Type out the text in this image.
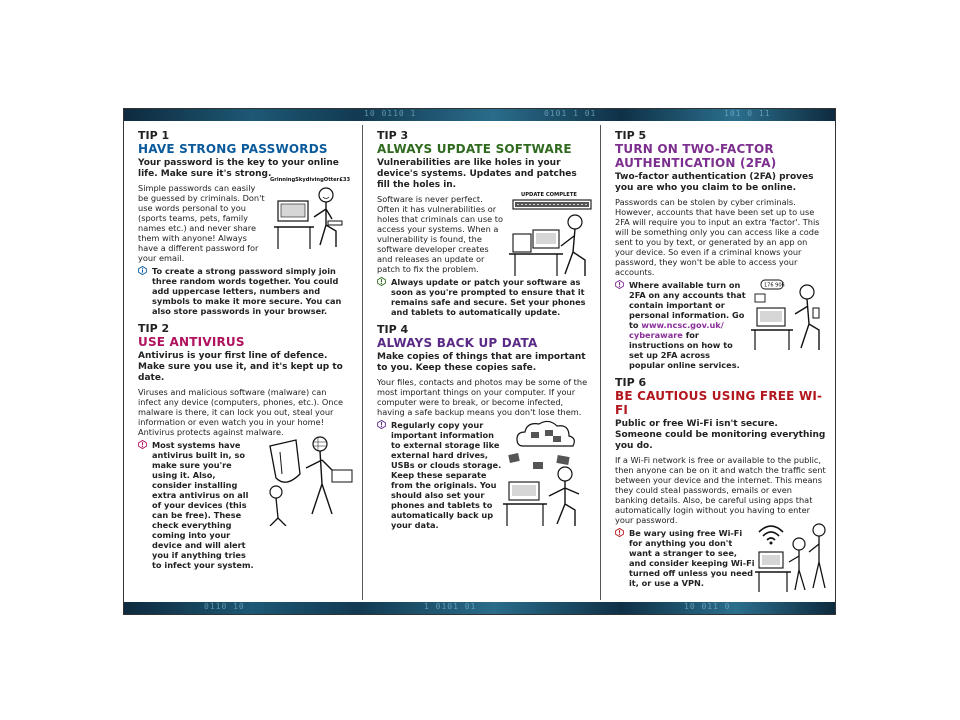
10 0110 1	0101 1 01	101 0 11
TIP 1
HAVE STRONG PASSWORDS
Your password is the key to your online life. Make sure it's strong.
Simple passwords can easily be guessed by criminals. Don't use words personal to you (sports teams, pets, family names etc.) and never share them with anyone! Always have a different password for your email.
GrinningSkydivingOtter£33
To create a strong password simply join three random words together. You could add uppercase letters, numbers and symbols to make it more secure. You can also store passwords in your browser.
TIP 2
USE ANTIVIRUS
Antivirus is your first line of defence. Make sure you use it, and it's kept up to date.
Viruses and malicious software (malware) can infect any device (computers, phones, etc.). Once malware is there, it can lock you out, steal your information or even watch you in your home! Antivirus protects against malware.
Most systems have antivirus built in, so make sure you're using it. Also, consider installing extra antivirus on all of your devices (this can be free). These check everything coming into your device and will alert you if anything tries to infect your system.
TIP 3
ALWAYS UPDATE SOFTWARE
Vulnerabilities are like holes in your device's systems. Updates and patches fill the holes in.
Software is never perfect. Often it has vulnerabilities or holes that criminals can use to access your systems. When a vulnerability is found, the software developer creates and releases an update or patch to fix the problem.
UPDATE COMPLETE
Always update or patch your software as soon as you're prompted to ensure that it remains safe and secure. Set your phones and tablets to automatically update.
TIP 4
ALWAYS BACK UP DATA
Make copies of things that are important to you. Keep these copies safe.
Your files, contacts and photos may be some of the most important things on your computer. If your computer were to break, or become infected, having a safe backup means you don't lose them.
Regularly copy your important information to external storage like external hard drives, USBs or clouds storage. Keep these separate from the originals. You should also set your phones and tablets to automatically back up your data.
TIP 5
TURN ON TWO-FACTOR AUTHENTICATION (2FA)
Two-factor authentication (2FA) proves you are who you claim to be online.
Passwords can be stolen by cyber criminals. However, accounts that have been set up to use 2FA will require you to input an extra 'factor'. This will be something only you can access like a code sent to you by text, or generated by an app on your device. So even if a criminal knows your password, they won't be able to access your accounts.
Where available turn on 2FA on any accounts that contain important or personal information. Go to www.ncsc.gov.uk/ cyberaware for instructions on how to set up 2FA across popular online services.
176 906
TIP 6
BE CAUTIOUS USING FREE WI-FI
Public or free Wi-Fi isn't secure. Someone could be monitoring everything you do.
If a Wi-Fi network is free or available to the public, then anyone can be on it and watch the traffic sent between your device and the internet. This means they could steal passwords, emails or even banking details. Also, be careful using apps that automatically login without you having to enter your password.
Be wary using free Wi-Fi for anything you don't want a stranger to see, and consider keeping Wi-Fi turned off unless you need it, or use a VPN.
0110 10	1 0101 01	10 011 0
